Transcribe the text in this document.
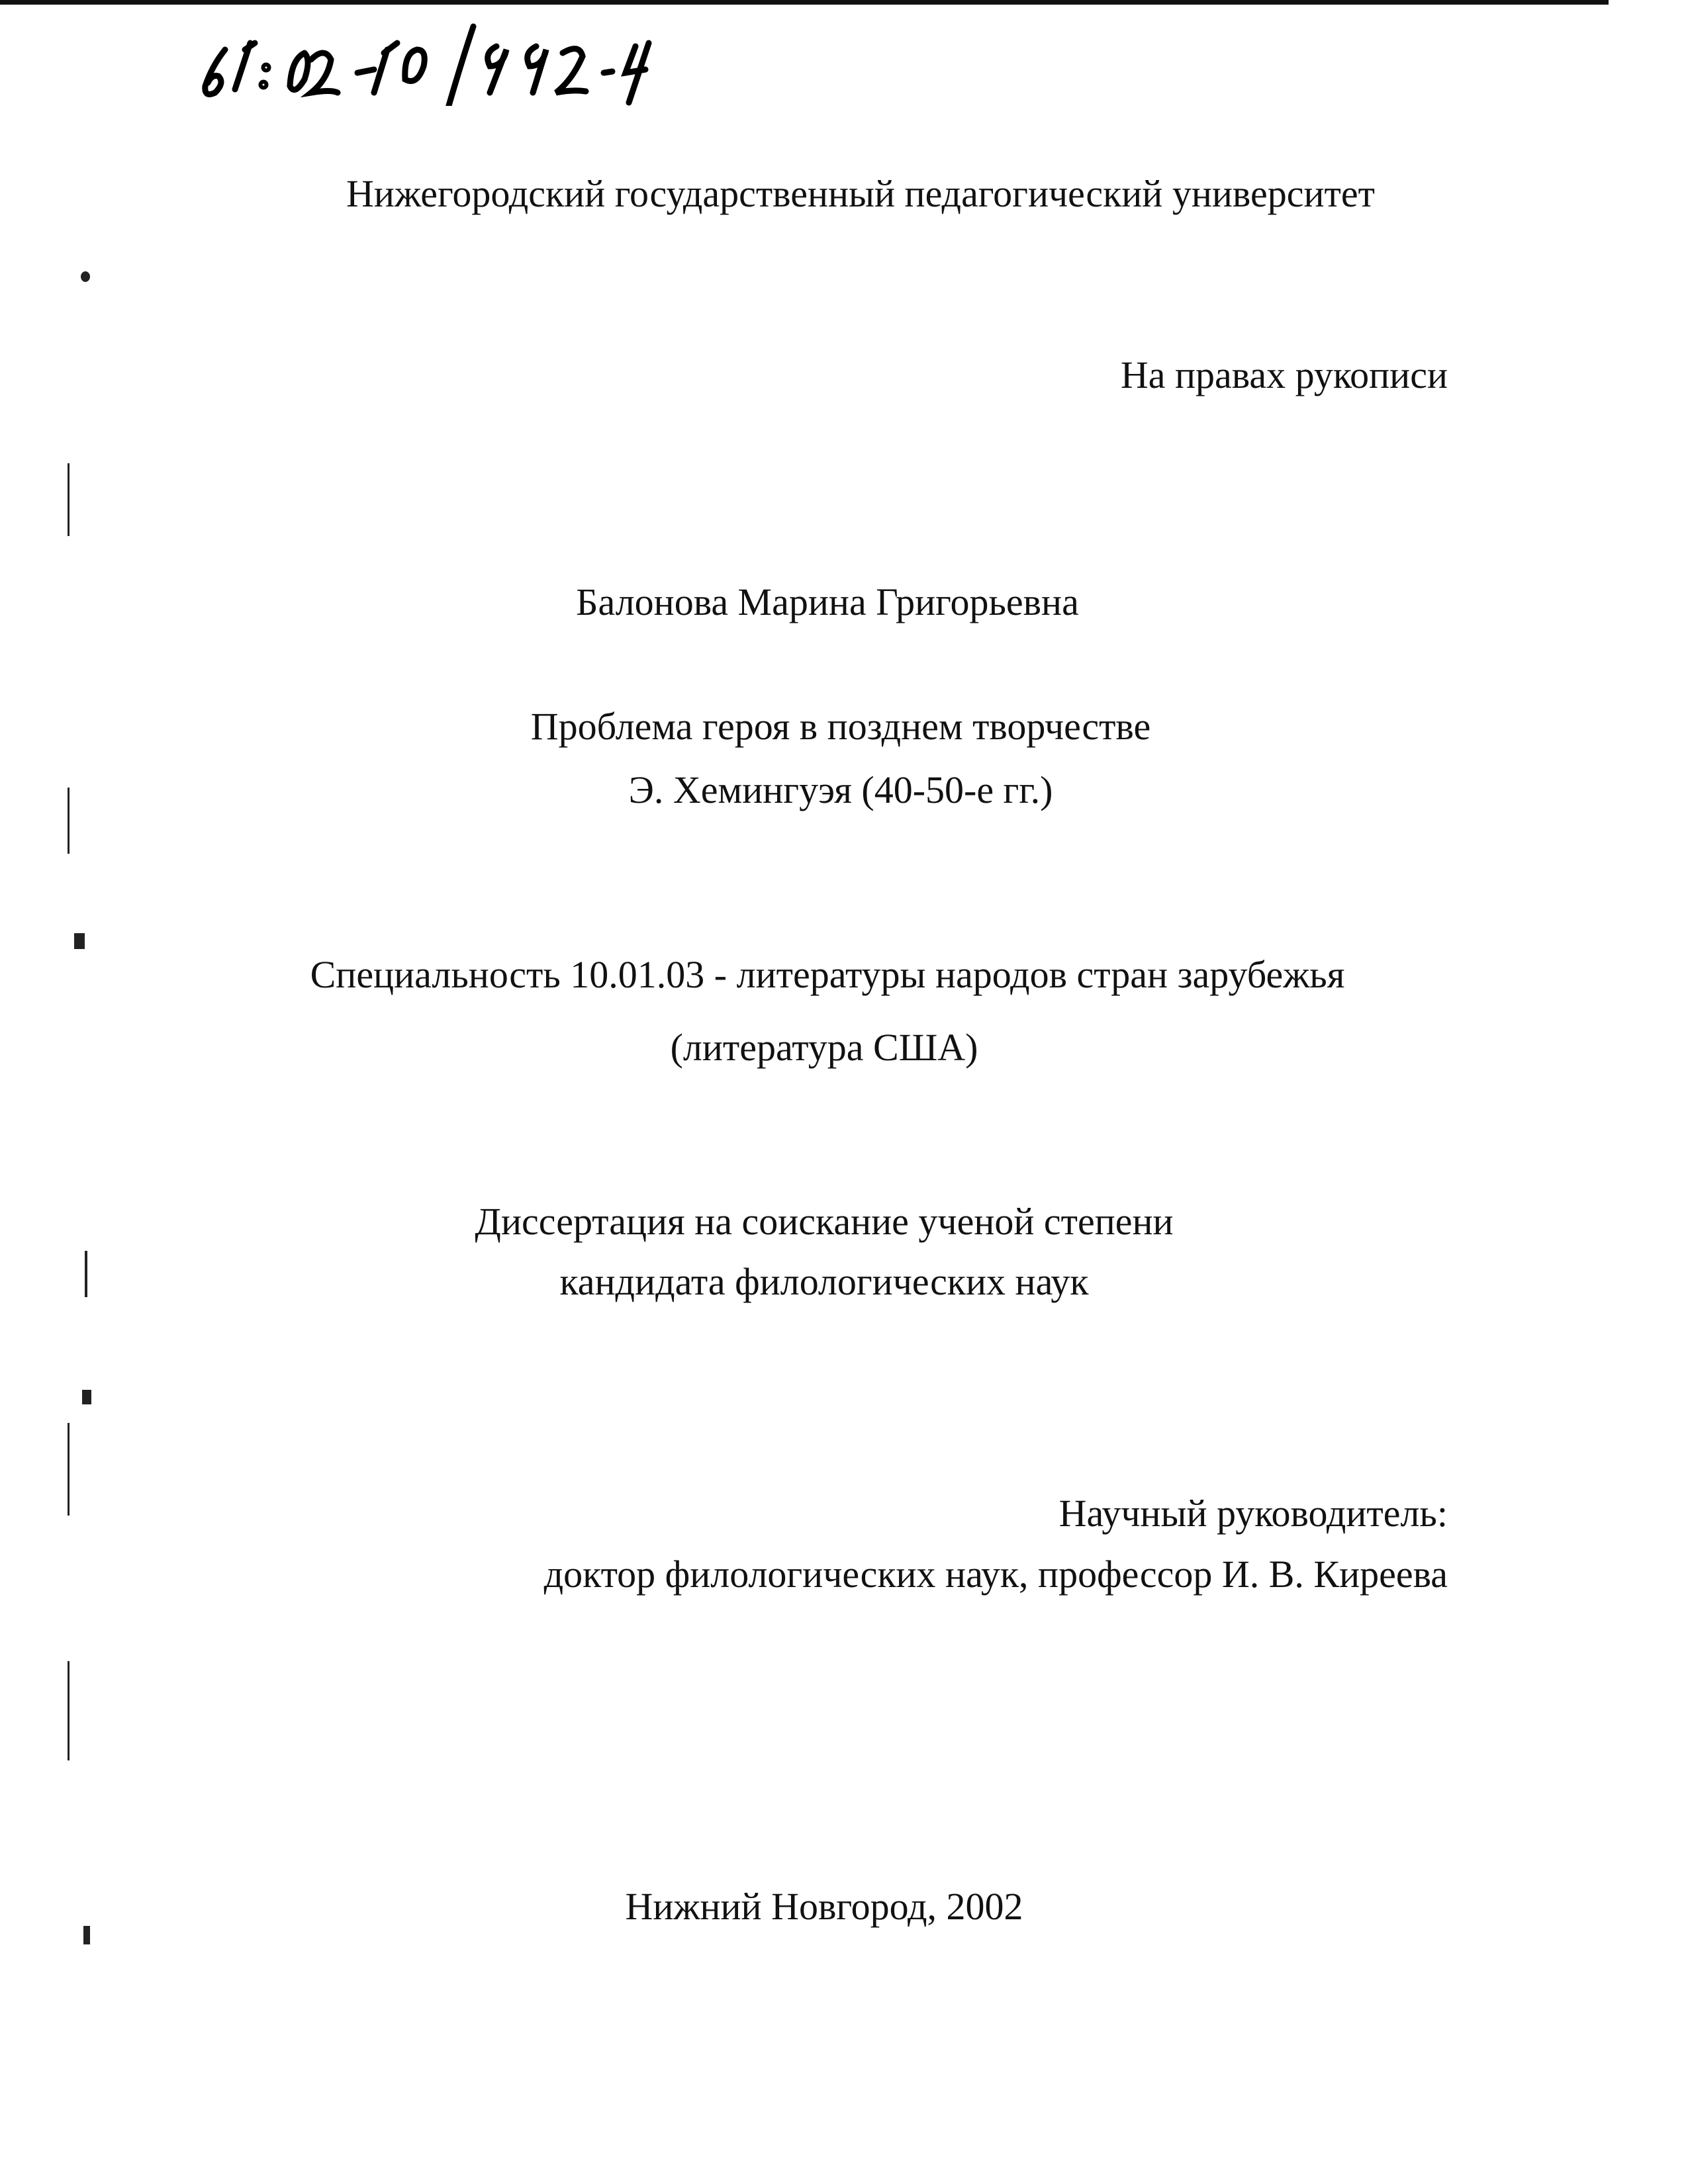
Нижегородский государственный педагогический университет
На правах рукописи
Балонова Марина Григорьевна
Проблема героя в позднем творчестве
Э. Хемингуэя (40-50-е гг.)
Специальность 10.01.03 - литературы народов стран зарубежья
(литература США)
Диссертация на соискание ученой степени
кандидата филологических наук
Научный руководитель:
доктор филологических наук, профессор И. В. Киреева
Нижний Новгород, 2002
